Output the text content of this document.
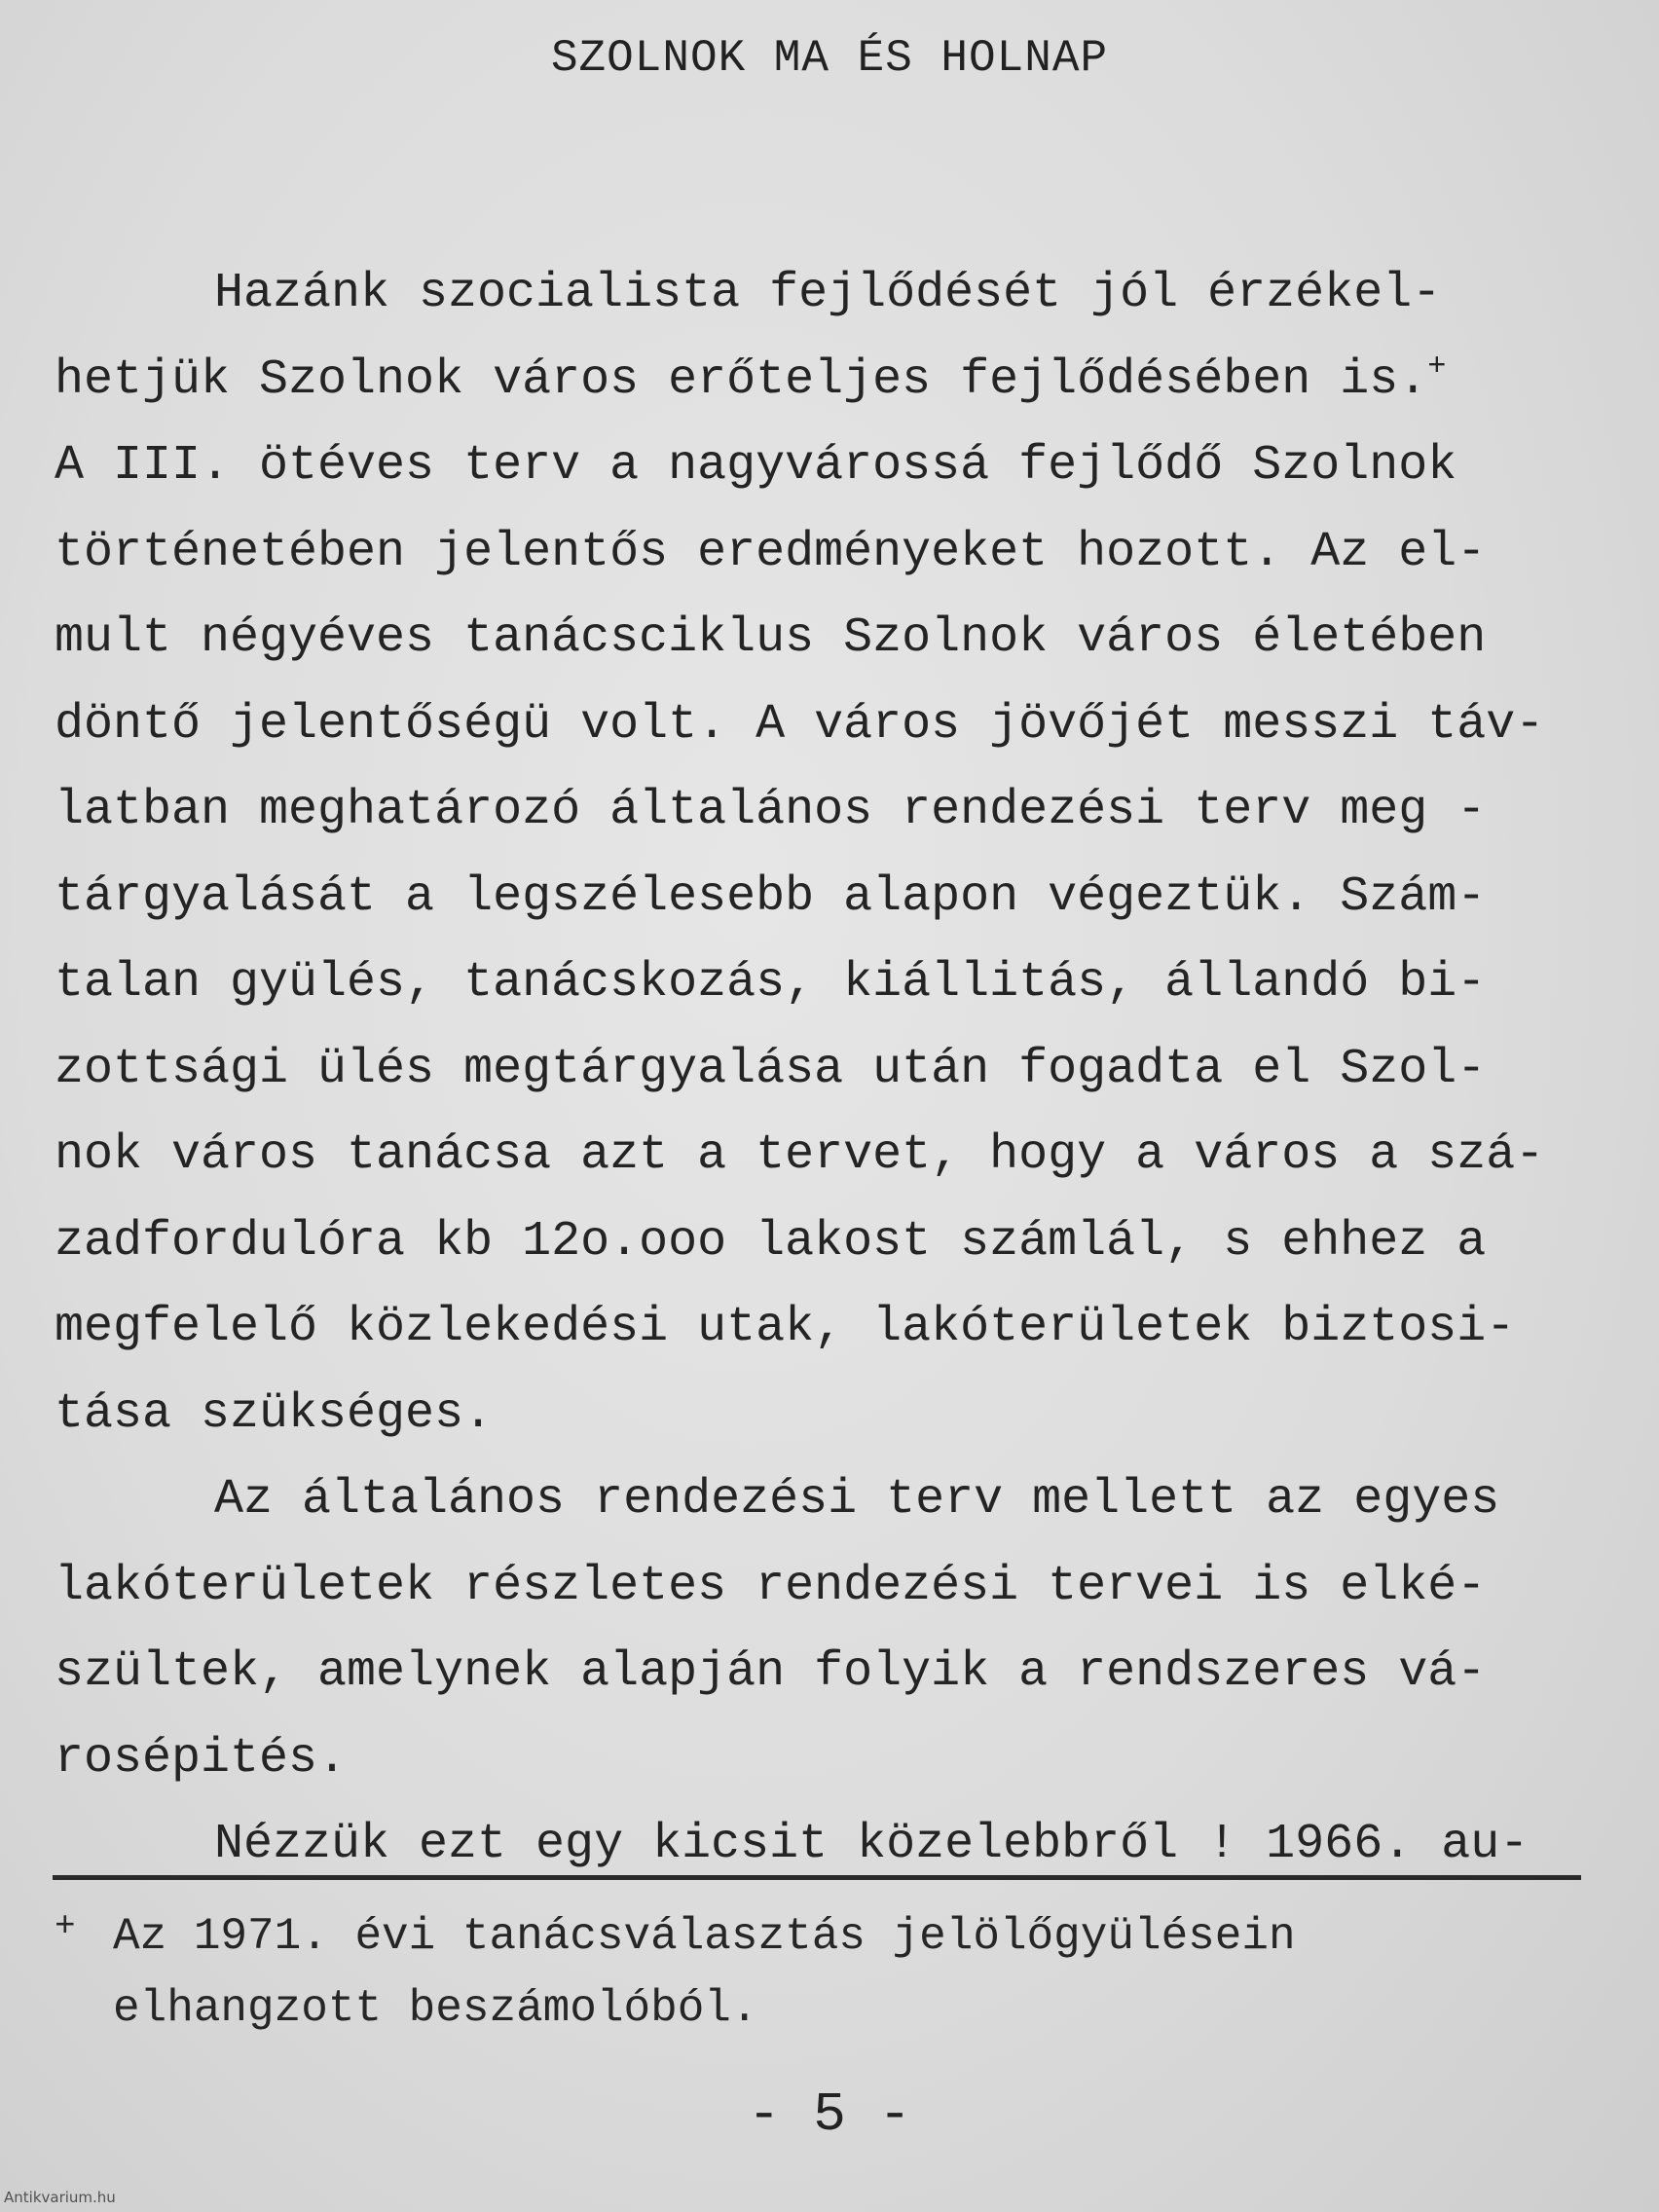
SZOLNOK MA ÉS HOLNAP
Hazánk szocialista fejlődését jól érzékel-
hetjük Szolnok város erőteljes fejlődésében is.+
A III. ötéves terv a nagyvárossá fejlődő Szolnok
történetében jelentős eredményeket hozott. Az el-
mult négyéves tanácsciklus Szolnok város életében
döntő jelentőségü volt. A város jövőjét messzi táv-
latban meghatározó általános rendezési terv meg -
tárgyalását a legszélesebb alapon végeztük. Szám-
talan gyülés, tanácskozás, kiállitás, állandó bi-
zottsági ülés megtárgyalása után fogadta el Szol-
nok város tanácsa azt a tervet, hogy a város a szá-
zadfordulóra kb 12o.ooo lakost számlál, s ehhez a
megfelelő közlekedési utak, lakóterületek biztosi-
tása szükséges.
Az általános rendezési terv mellett az egyes
lakóterületek részletes rendezési tervei is elké-
szültek, amelynek alapján folyik a rendszeres vá-
rosépités.
Nézzük ezt egy kicsit közelebbről ! 1966. au-
+ Az 1971. évi tanácsválasztás jelölőgyülésein
elhangzott beszámolóból.
- 5 -
Antikvarium.hu
